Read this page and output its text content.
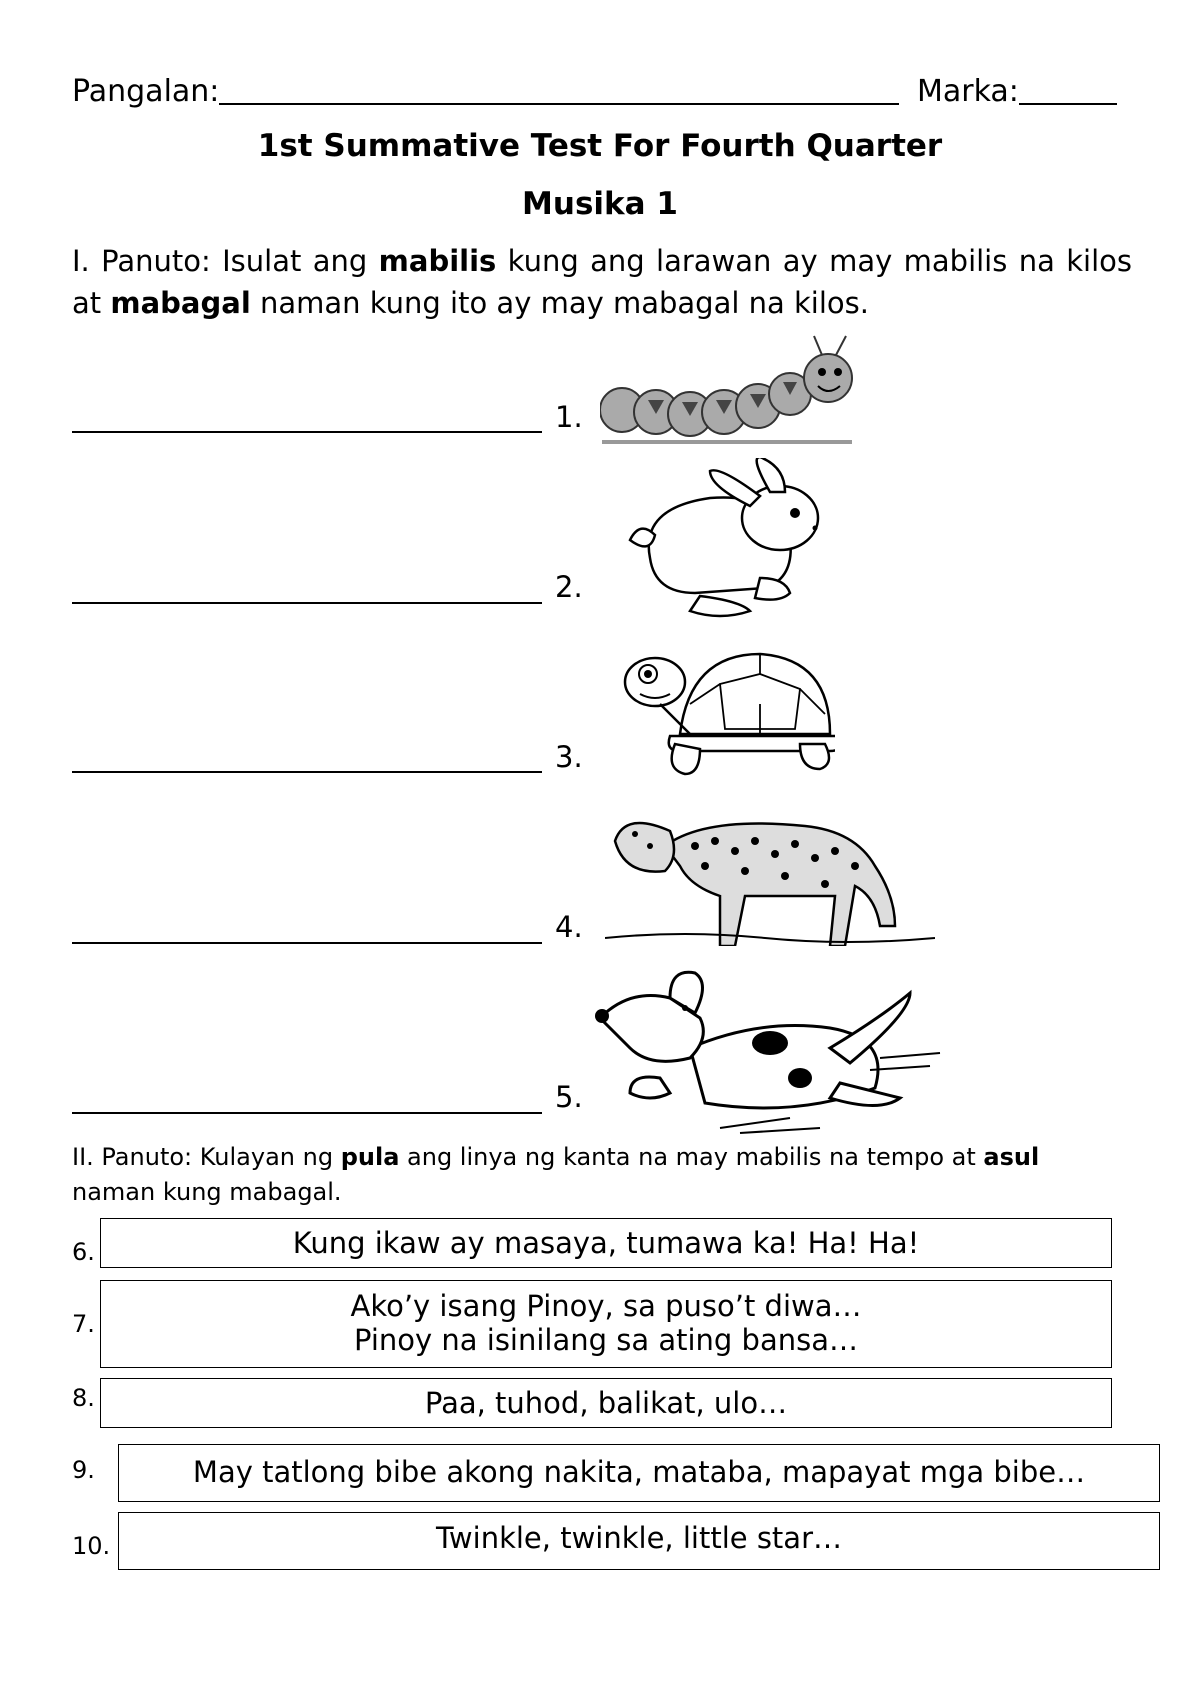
Pangalan:	Marka:
1st Summative Test For Fourth Quarter
Musika 1
I. Panuto: Isulat ang mabilis kung ang larawan ay may mabilis na kilos at mabagal naman kung ito ay may mabagal na kilos.
1.
2.
3.
4.
5.
II. Panuto: Kulayan ng pula ang linya ng kanta na may mabilis na tempo at asul naman kung mabagal.
6.	Kung ikaw ay masaya, tumawa ka! Ha! Ha!
7.
Ako’y isang Pinoy, sa puso’t diwa…
Pinoy na isinilang sa ating bansa…
8.	Paa, tuhod, balikat, ulo…
9.	May tatlong bibe akong nakita, mataba, mapayat mga bibe…
10.	Twinkle, twinkle, little star…
